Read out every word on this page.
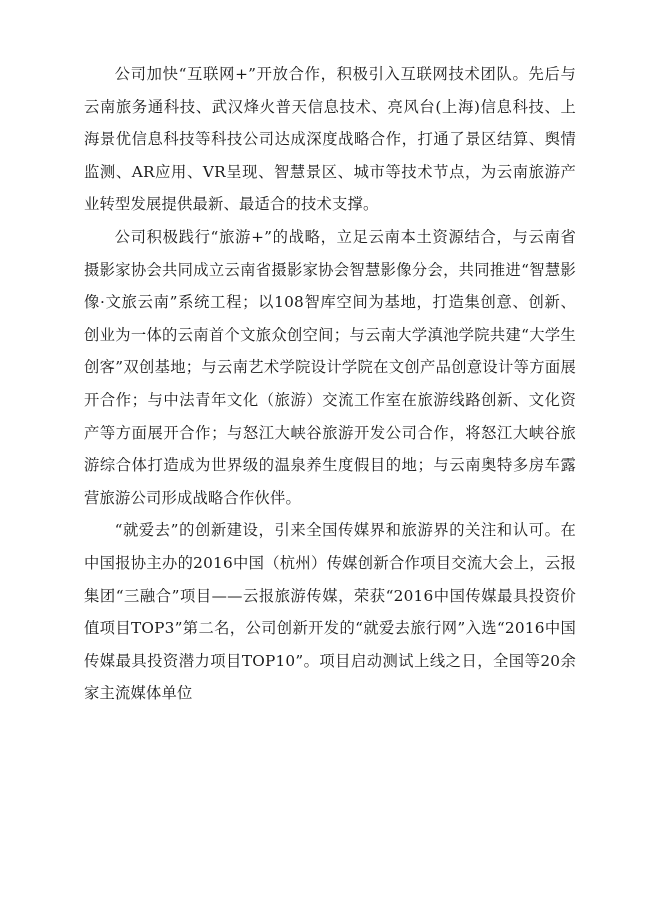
公司加快“互联网+”开放合作，积极引入互联网技术团队。先后与云南旅务通科技、武汉烽火普天信息技术、亮风台(上海)信息科技、上海景优信息科技等科技公司达成深度战略合作，打通了景区结算、舆情监测、AR应用、VR呈现、智慧景区、城市等技术节点，为云南旅游产业转型发展提供最新、最适合的技术支撑。

公司积极践行“旅游+”的战略，立足云南本土资源结合，与云南省摄影家协会共同成立云南省摄影家协会智慧影像分会，共同推进“智慧影像·文旅云南”系统工程；以108智库空间为基地，打造集创意、创新、创业为一体的云南首个文旅众创空间；与云南大学滇池学院共建“大学生创客”双创基地；与云南艺术学院设计学院在文创产品创意设计等方面展开合作；与中法青年文化（旅游）交流工作室在旅游线路创新、文化资产等方面展开合作；与怒江大峡谷旅游开发公司合作，将怒江大峡谷旅游综合体打造成为世界级的温泉养生度假目的地；与云南奥特多房车露营旅游公司形成战略合作伙伴。

“就爱去”的创新建设，引来全国传媒界和旅游界的关注和认可。在中国报协主办的2016中国（杭州）传媒创新合作项目交流大会上，云报集团“三融合”项目——云报旅游传媒，荣获“2016中国传媒最具投资价值项目TOP3”第二名，公司创新开发的“就爱去旅行网”入选“2016中国传媒最具投资潜力项目TOP10”。项目启动测试上线之日，全国等20余家主流媒体单位
